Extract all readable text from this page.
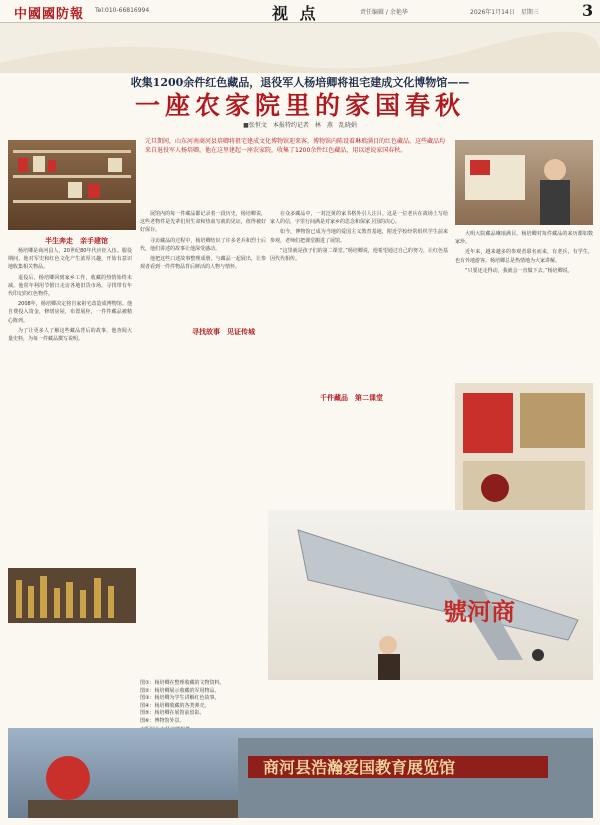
中國國防報 Tel:010-66816994	视 点	责任编辑 / 余艳华	2026年1月14日　星期三	3
收集1200余件红色藏品，退役军人杨培卿将祖宅建成文化博物馆——
一座农家院里的家国春秋
■张恒文　本报特约记者　林　燕　乱晓娟
元旦期间，山东河南商河县培卿将祖宅建成文化博物馆迎来客。博物馆内陈设着琳琅满目的红色藏品。这些藏品均来自退役军人杨培卿，他在这里建起一座农家院，收集了1200余件红色藏品，用以述说家国春秋。
半生奔走　亲手建馆
寻找故事　见证传城
千件藏品　第二课堂

杨培卿是商河县人，20世纪80年代应征入伍。服役期间，他对军史和红色文化产生浓厚兴趣，开始有意识地收集相关物品。

退役后，杨培卿回到家乡工作，收藏的热情始终未减。他常年利用节假日走访各地旧货市场，寻找带有年代印记的红色物件。

2008年，杨培卿决定将自家祖宅改造成博物馆。他自费投入资金，修缮房屋，布置展柜，一件件藏品被精心陈列。

为了让更多人了解这些藏品背后的故事，他查阅大量史料，为每一件藏品撰写说明。

展馆内的每一件藏品都记录着一段历史，杨培卿说，这些老物件是先辈们用生命和热血写就的见证，值得被好好保存。

寻访藏品的过程中，杨培卿结识了许多老兵和烈士后代，他们讲述的故事让他深受感动。

他把这些口述故事整理成册，与藏品一起展出，让参观者看到一件件物品背后鲜活的人物与情怀。

在众多藏品中，一封泛黄的家书格外引人注目。这是一位老兵在战场上写给家人的信，字里行间满是对家乡的思念和保家卫国的决心。

如今，博物馆已成为当地的爱国主义教育基地，附近学校经常组织学生前来参观，老师们把课堂搬进了展馆。

“这里就是孩子们的第二课堂。”杨培卿说，他希望通过自己的努力，让红色基因代代相传。

大明大院藏品琳琅满目，杨培卿对每件藏品的来历都如数家珍。

近年来，越来越多的参观者慕名而来，有老兵，有学生，也有外地游客。杨培卿总是热情地为大家讲解。

“只要还走得动，我就会一直做下去。”杨培卿说。

號河商
图①：杨培卿在整理收藏的文物资料。
图②：杨培卿展示收藏的军用物品。
图③：杨培卿为学生讲解红色故事。
图④：杨培卿收藏的各类弹壳。
图⑤：杨培卿在展馆前留影。
图⑥：博物馆外景。
商河县浩瀚爱国教育展览馆
